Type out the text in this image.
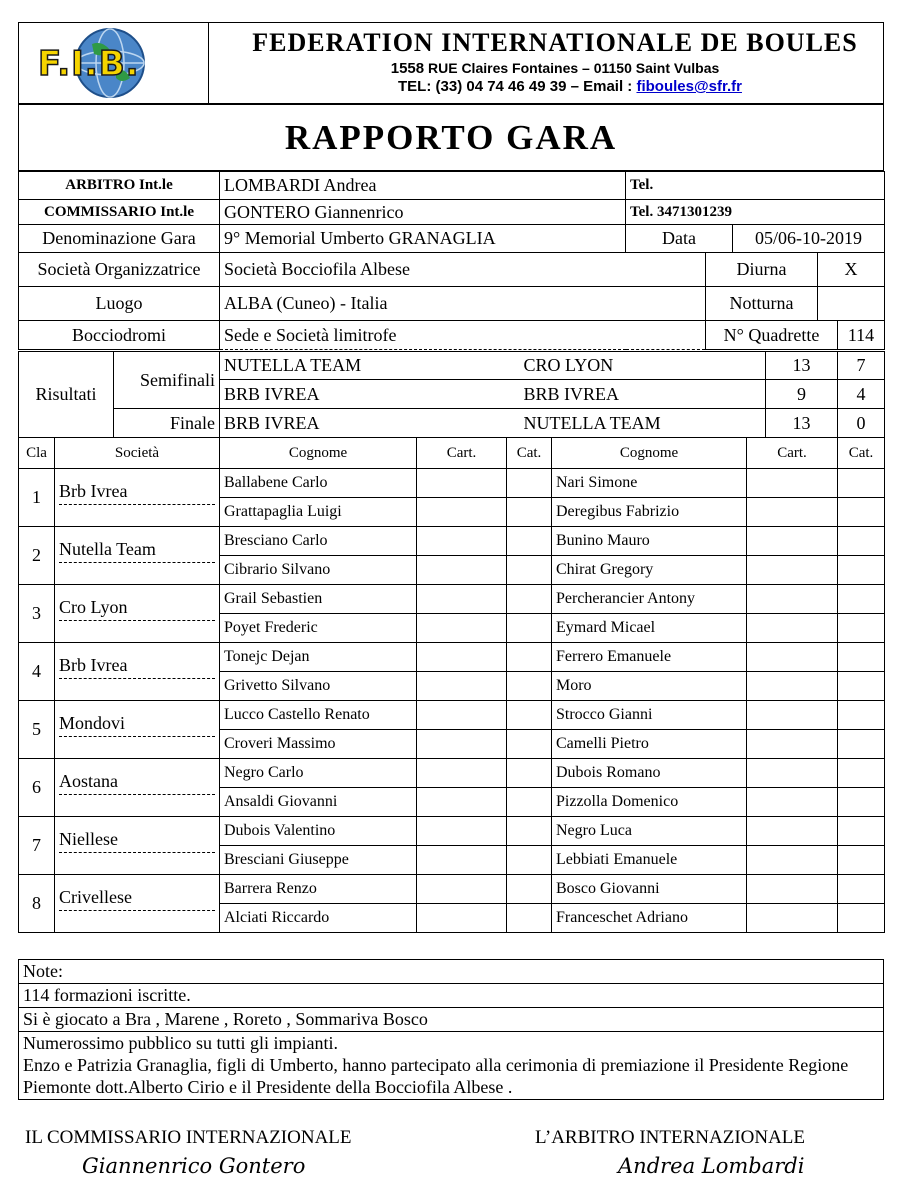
F.I.B.
FEDERATION INTERNATIONALE DE BOULES
1558 RUE Claires Fontaines – 01150 Saint Vulbas
TEL: (33) 04 74 46 49 39 – Email : fiboules@sfr.fr
RAPPORTO GARA
ARBITRO Int.le	LOMBARDI Andrea	Tel.				
COMMISSARIO Int.le	GONTERO Giannenrico	Tel. 3471301239				
Denominazione Gara	9° Memorial Umberto GRANAGLIA	Data		05/06-10-2019		
Società Organizzatrice	Società Bocciofila Albese		Diurna		X	
Luogo	ALBA (Cuneo) - Italia		Notturna			
Bocciodromi	Sede e Società limitrofe		N° Quadrette			114
Risultati	Semifinali	NUTELLA TEAM	CRO LYON	13	7
		BRB IVREA	BRB IVREA	9	4
	Finale	BRB IVREA	NUTELLA TEAM	13	0
Cla	Società	Cognome	Cart.	Cat.	Cognome	Cart.	Cat.
1	Brb Ivrea	Ballabene Carlo			Nari Simone		
		Grattapaglia Luigi			Deregibus Fabrizio		
2	Nutella Team	Bresciano Carlo			Bunino Mauro		
		Cibrario Silvano			Chirat Gregory		
3	Cro Lyon	Grail Sebastien			Percherancier Antony		
		Poyet Frederic			Eymard Micael		
4	Brb Ivrea	Tonejc Dejan			Ferrero Emanuele		
		Grivetto Silvano			Moro		
5	Mondovi	Lucco Castello Renato			Strocco Gianni		
		Croveri Massimo			Camelli Pietro		
6	Aostana	Negro Carlo			Dubois Romano		
		Ansaldi Giovanni			Pizzolla Domenico		
7	Niellese	Dubois Valentino			Negro Luca		
		Bresciani Giuseppe			Lebbiati Emanuele		
8	Crivellese	Barrera Renzo			Bosco Giovanni		
		Alciati Riccardo			Franceschet Adriano		
Note:
114 formazioni iscritte.
Si è giocato a Bra , Marene , Roreto , Sommariva Bosco

Numerossimo pubblico su tutti gli impianti.
Enzo e Patrizia Granaglia, figli di Umberto, hanno partecipato alla cerimonia di premiazione il Presidente Regione Piemonte dott.Alberto Cirio e il Presidente della Bocciofila Albese .
IL COMMISSARIO INTERNAZIONALE
Giannenrico Gontero
L’ARBITRO INTERNAZIONALE
Andrea Lombardi
